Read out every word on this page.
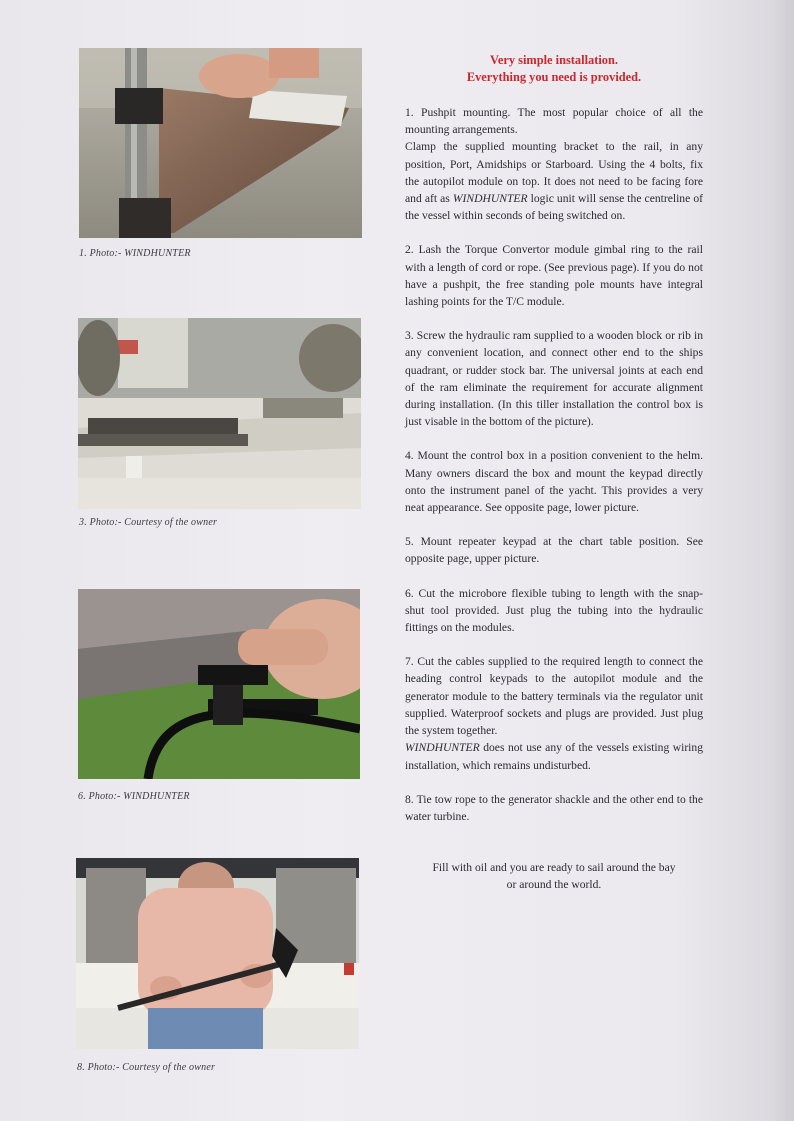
1. Photo:- WINDHUNTER
3. Photo:- Courtesy of the owner
6. Photo:- WINDHUNTER
8. Photo:- Courtesy of the owner
Very simple installation.
Everything you need is provided.
1. Pushpit mounting. The most popular choice of all the mounting arrangements.
Clamp the supplied mounting bracket to the rail, in any position, Port, Amidships or Starboard. Using the 4 bolts, fix the autopilot module on top. It does not need to be facing fore and aft as WINDHUNTER logic unit will sense the centreline of the vessel within seconds of being switched on.
2. Lash the Torque Convertor module gimbal ring to the rail with a length of cord or rope. (See previous page). If you do not have a pushpit, the free standing pole mounts have integral lashing points for the T/C module.
3. Screw the hydraulic ram supplied to a wooden block or rib in any convenient location, and connect other end to the ships quadrant, or rudder stock bar. The universal joints at each end of the ram eliminate the requirement for accurate alignment during installation. (In this tiller installation the control box is just visable in the bottom of the picture).
4. Mount the control box in a position convenient to the helm. Many owners discard the box and mount the keypad directly onto the instrument panel of the yacht. This provides a very neat appearance. See opposite page, lower picture.
5. Mount repeater keypad at the chart table position. See opposite page, upper picture.
6. Cut the microbore flexible tubing to length with the snap-shut tool provided. Just plug the tubing into the hydraulic fittings on the modules.
7. Cut the cables supplied to the required length to connect the heading control keypads to the autopilot module and the generator module to the battery terminals via the regulator unit supplied. Waterproof sockets and plugs are provided. Just plug the system together.
WINDHUNTER does not use any of the vessels existing wiring installation, which remains undisturbed.
8. Tie tow rope to the generator shackle and the other end to the water turbine.
Fill with oil and you are ready to sail around the bay
or around the world.
